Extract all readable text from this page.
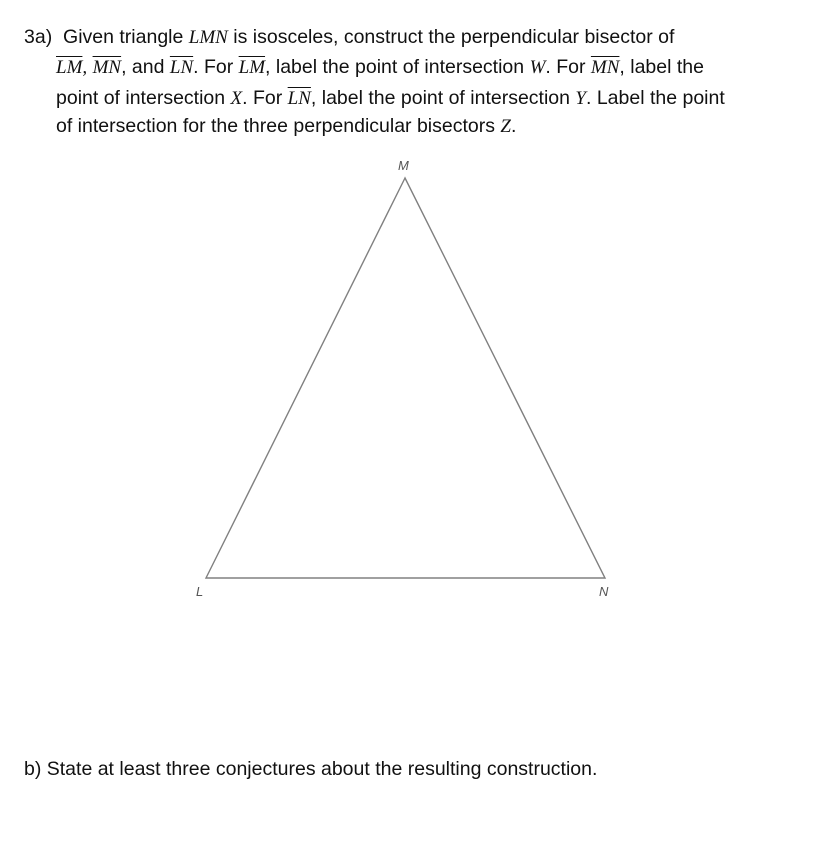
3a) Given triangle LMN is isosceles, construct the perpendicular bisector of
$\overline{LM}$, $\overline{MN}$, and $\overline{LN}$. For $\overline{LM}$, label the point of intersection W. For $\overline{MN}$, label the
point of intersection X. For $\overline{LN}$, label the point of intersection Y. Label the point
of intersection for the three perpendicular bisectors Z.
M
L	N
b) State at least three conjectures about the resulting construction.
